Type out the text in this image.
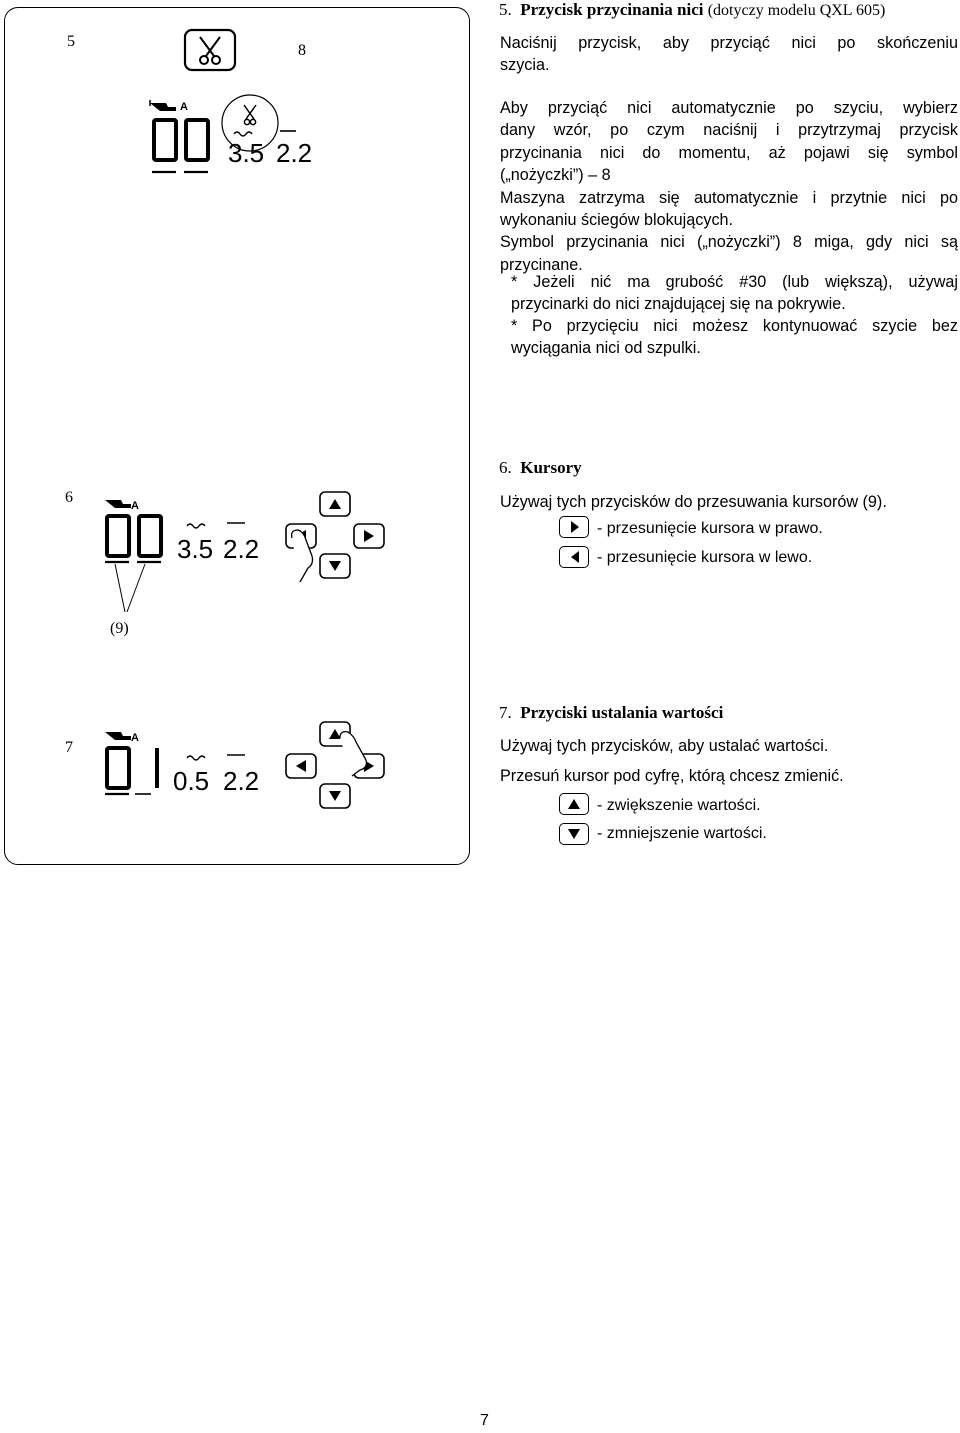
5
8
6
(9)
7
A
3.5 2.2
A
3.5 2.2
A
0.5 2.2
5. Przycisk przycinania nici (dotyczy modelu QXL 605)
Naciśnij przycisk, aby przyciąć nici po skończeniu
szycia.
Aby przyciąć nici automatycznie po szyciu, wybierz
dany wzór, po czym naciśnij i przytrzymaj przycisk
przycinania nici do momentu, aż pojawi się symbol
(„nożyczki”) – 8
Maszyna zatrzyma się automatycznie i przytnie nici po
wykonaniu ściegów blokujących.
Symbol przycinania nici („nożyczki”) 8 miga, gdy nici są
przycinane.
* Jeżeli nić ma grubość #30 (lub większą), używaj
przycinarki do nici znajdującej się na pokrywie.
* Po przycięciu nici możesz kontynuować szycie bez
wyciągania nici od szpulki.
6. Kursory
Używaj tych przycisków do przesuwania kursorów (9).
- przesunięcie kursora w prawo.
- przesunięcie kursora w lewo.
7. Przyciski ustalania wartości
Używaj tych przycisków, aby ustalać wartości.
Przesuń kursor pod cyfrę, którą chcesz zmienić.
- zwiększenie wartości.
- zmniejszenie wartości.
7
